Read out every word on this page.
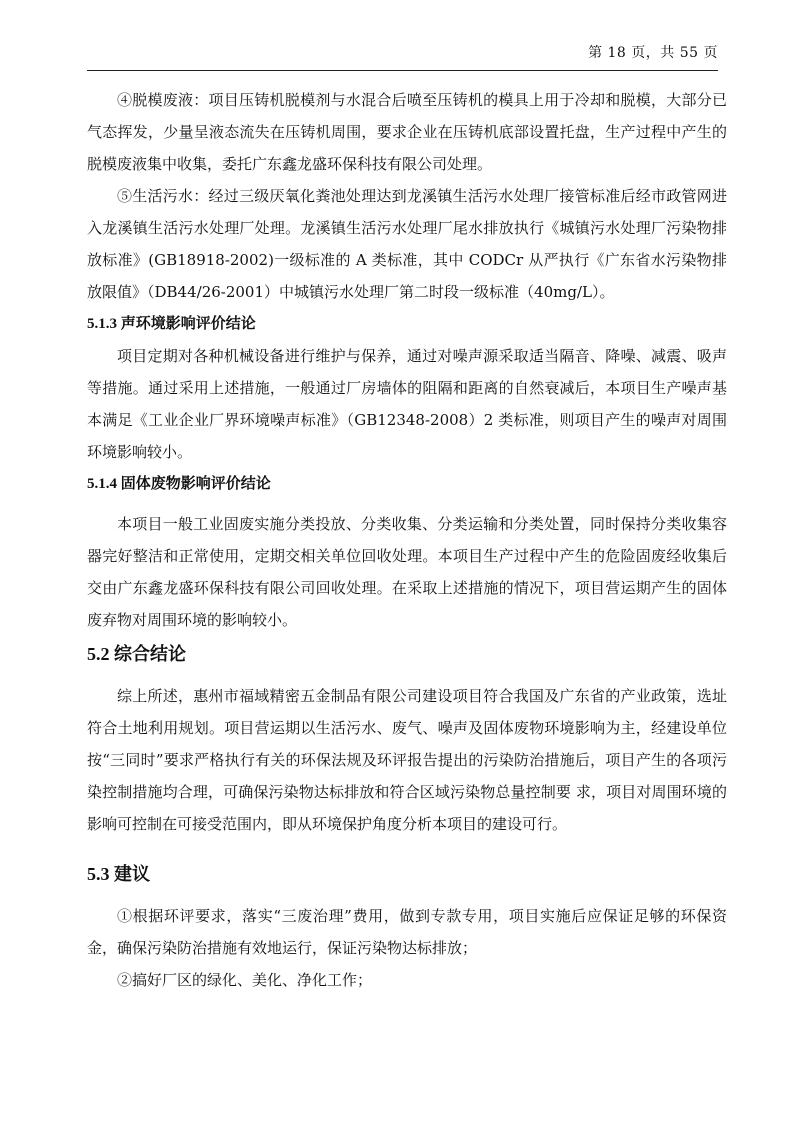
第 18 页，共 55 页

④脱模废液：项目压铸机脱模剂与水混合后喷至压铸机的模具上用于冷却和脱模，大部分已气态挥发，少量呈液态流失在压铸机周围，要求企业在压铸机底部设置托盘，生产过程中产生的脱模废液集中收集，委托广东鑫龙盛环保科技有限公司处理。

⑤生活污水：经过三级厌氧化粪池处理达到龙溪镇生活污水处理厂接管标准后经市政管网进入龙溪镇生活污水处理厂处理。龙溪镇生活污水处理厂尾水排放执行《城镇污水处理厂污染物排放标准》(GB18918-2002)一级标准的 A 类标准，其中 CODCr 从严执行《广东省水污染物排放限值》（DB44/26-2001）中城镇污水处理厂第二时段一级标准（40mg/L）。

5.1.3 声环境影响评价结论

项目定期对各种机械设备进行维护与保养，通过对噪声源采取适当隔音、降噪、减震、吸声等措施。通过采用上述措施，一般通过厂房墙体的阻隔和距离的自然衰减后，本项目生产噪声基本满足《工业企业厂界环境噪声标准》（GB12348-2008）2 类标准，则项目产生的噪声对周围环境影响较小。

5.1.4 固体废物影响评价结论

本项目一般工业固废实施分类投放、分类收集、分类运输和分类处置，同时保持分类收集容器完好整洁和正常使用，定期交相关单位回收处理。本项目生产过程中产生的危险固废经收集后交由广东鑫龙盛环保科技有限公司回收处理。在采取上述措施的情况下，项目营运期产生的固体废弃物对周围环境的影响较小。

5.2 综合结论

综上所述，惠州市福域精密五金制品有限公司建设项目符合我国及广东省的产业政策，选址符合土地利用规划。项目营运期以生活污水、废气、噪声及固体废物环境影响为主，经建设单位按“三同时”要求严格执行有关的环保法规及环评报告提出的污染防治措施后，项目产生的各项污染控制措施均合理，可确保污染物达标排放和符合区域污染物总量控制要 求，项目对周围环境的影响可控制在可接受范围内，即从环境保护角度分析本项目的建设可行。

5.3 建议

①根据环评要求，落实“三废治理”费用，做到专款专用，项目实施后应保证足够的环保资金，确保污染防治措施有效地运行，保证污染物达标排放；

②搞好厂区的绿化、美化、净化工作；
